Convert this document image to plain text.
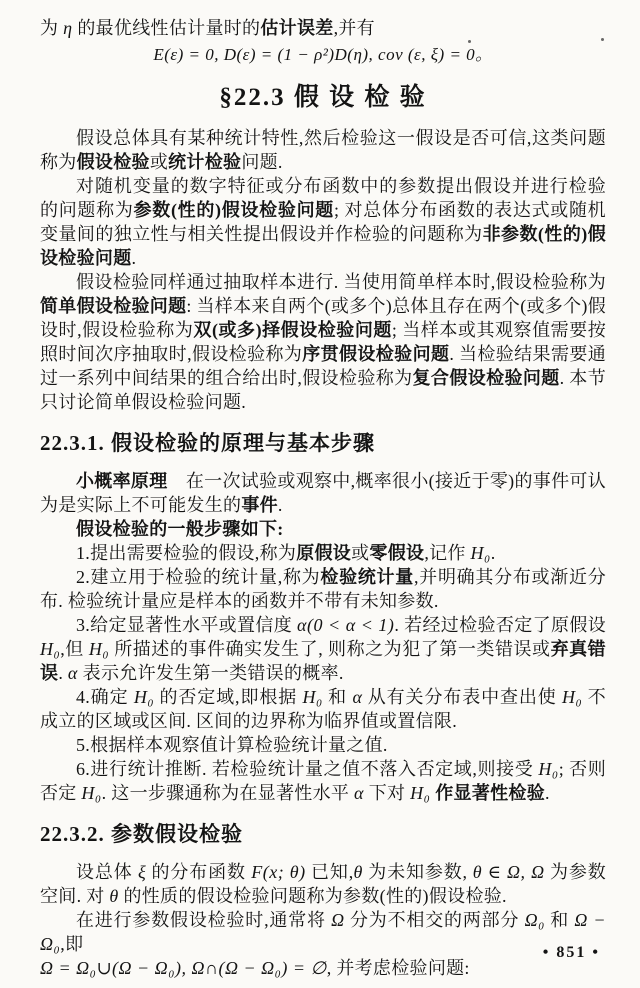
为 η 的最优线性估计量时的估计误差,并有
E(ε) = 0, D(ε) = (1 − ρ²)D(η), cov (ε, ξ) = 0。
§22.3 假 设 检 验
假设总体具有某种统计特性,然后检验这一假设是否可信,这类问题称为假设检验或统计检验问题.
对随机变量的数字特征或分布函数中的参数提出假设并进行检验的问题称为参数(性的)假设检验问题; 对总体分布函数的表达式或随机变量间的独立性与相关性提出假设并作检验的问题称为非参数(性的)假设检验问题.
假设检验同样通过抽取样本进行. 当使用简单样本时,假设检验称为简单假设检验问题: 当样本来自两个(或多个)总体且存在两个(或多个)假设时,假设检验称为双(或多)择假设检验问题; 当样本或其观察值需要按照时间次序抽取时,假设检验称为序贯假设检验问题. 当检验结果需要通过一系列中间结果的组合给出时,假设检验称为复合假设检验问题. 本节只讨论简单假设检验问题.
22.3.1. 假设检验的原理与基本步骤
小概率原理　在一次试验或观察中,概率很小(接近于零)的事件可认为是实际上不可能发生的事件.
假设检验的一般步骤如下:
1.提出需要检验的假设,称为原假设或零假设,记作 H₀.
2.建立用于检验的统计量,称为检验统计量,并明确其分布或渐近分布. 检验统计量应是样本的函数并不带有未知参数.
3.给定显著性水平或置信度 α(0 < α < 1). 若经过检验否定了原假设 H₀,但 H₀ 所描述的事件确实发生了, 则称之为犯了第一类错误或弃真错误. α 表示允许发生第一类错误的概率.
4.确定 H₀ 的否定域,即根据 H₀ 和 α 从有关分布表中查出使 H₀ 不成立的区域或区间. 区间的边界称为临界值或置信限.
5.根据样本观察值计算检验统计量之值.
6.进行统计推断. 若检验统计量之值不落入否定域,则接受 H₀; 否则否定 H₀. 这一步骤通称为在显著性水平 α 下对 H₀ 作显著性检验.
22.3.2. 参数假设检验
设总体 ξ 的分布函数 F(x; θ) 已知,θ 为未知参数, θ ∈ Ω, Ω 为参数空间. 对 θ 的性质的假设检验问题称为参数(性的)假设检验.
在进行参数假设检验时,通常将 Ω 分为不相交的两部分 Ω₀ 和 Ω − Ω₀,即
Ω = Ω₀∪(Ω − Ω₀), Ω∩(Ω − Ω₀) = ∅, 并考虑检验问题:
• 851 •
